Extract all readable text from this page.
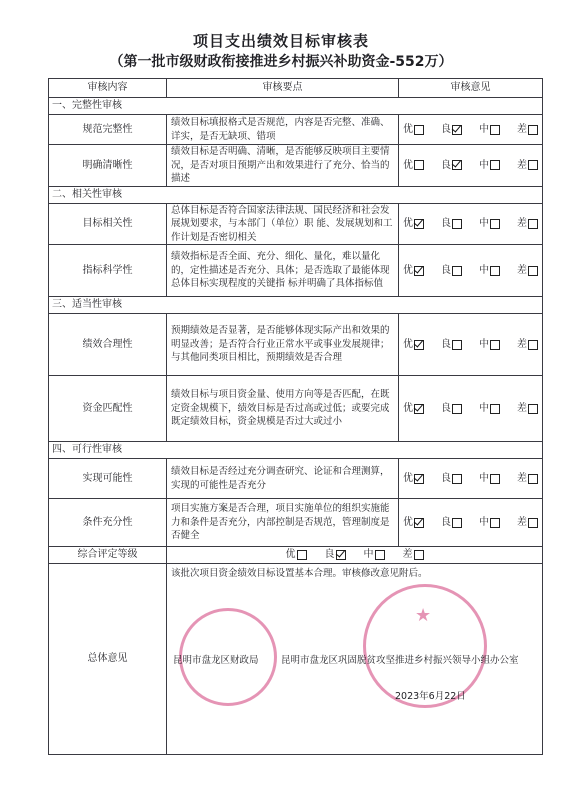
项目支出绩效目标审核表
（第一批市级财政衔接推进乡村振兴补助资金-552万）
审核内容	审核要点	审核意见
一、完整性审核		
规范完整性	绩效目标填报格式是否规范，内容是否完整、准确、详实，是否无缺项、错项	优 良 中 差

明确清晰性	绩效目标是否明确、清晰，是否能够反映项目主要情况，是否对项目预期产出和效果进行了充分、恰当的描述	优 良 中 差

二、相关性审核		
目标相关性	总体目标是否符合国家法律法规、国民经济和社会发展规划要求，与本部门（单位）职 能、发展规划和工作计划是否密切相关	优 良 中 差

指标科学性	绩效指标是否全面、充分、细化、量化，难以量化的，定性描述是否充分、具体；是否选取了最能体现总体目标实现程度的关键指 标并明确了具体指标值	优 良 中 差

三、适当性审核		
绩效合理性	预期绩效是否显著，是否能够体现实际产出和效果的明显改善；是否符合行业正常水平或事业发展规律；与其他同类项目相比，预期绩效是否合理	优 良 中 差

资金匹配性	绩效目标与项目资金量、使用方向等是否匹配，在既定资金规模下，绩效目标是否过高或过低；或要完成既定绩效目标，资金规模是否过大或过小	优 良 中 差

四、可行性审核		
实现可能性	绩效目标是否经过充分调查研究、论证和合理测算，实现的可能性是否充分	优 良 中 差

条件充分性	项目实施方案是否合理，项目实施单位的组织实施能力和条件是否充分，内部控制是否规范，管理制度是否健全	优 良 中 差

综合评定等级	优 良 中 差	

总体意见	该批次项目资金绩效目标设置基本合理。审核修改意见附后。
★
昆明市盘龙区财政局 昆明市盘龙区巩固脱贫攻坚推进乡村振兴领导小组办公室
2023年6月22日	
